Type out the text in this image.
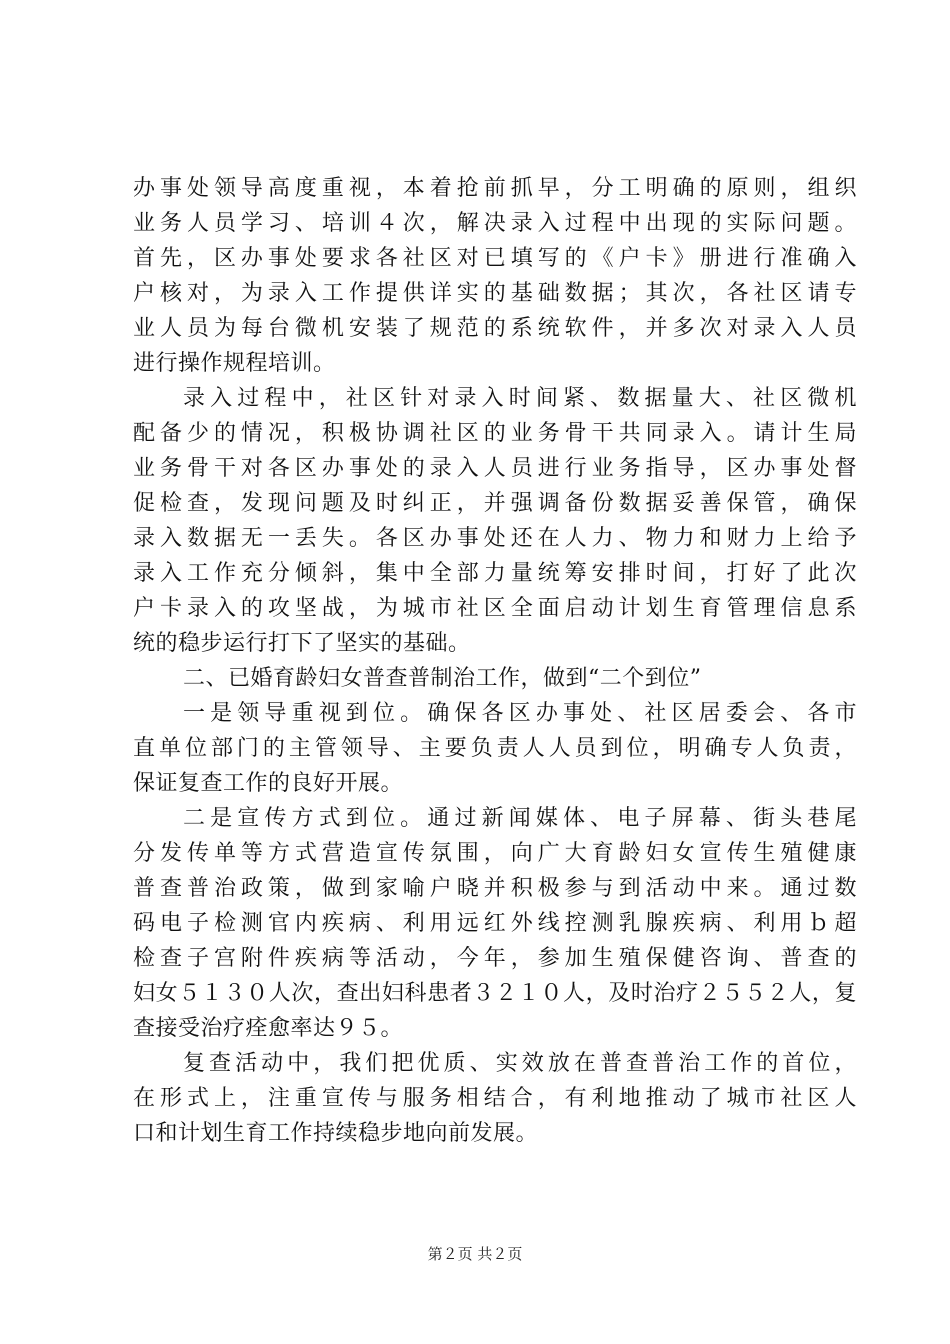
办事处领导高度重视，本着抢前抓早，分工明确的原则，组织
业务人员学习、培训４次，解决录入过程中出现的实际问题。
首先，区办事处要求各社区对已填写的《户卡》册进行准确入
户核对，为录入工作提供详实的基础数据；其次，各社区请专
业人员为每台微机安装了规范的系统软件，并多次对录入人员
进行操作规程培训。
录入过程中，社区针对录入时间紧、数据量大、社区微机
配备少的情况，积极协调社区的业务骨干共同录入。请计生局
业务骨干对各区办事处的录入人员进行业务指导，区办事处督
促检查，发现问题及时纠正，并强调备份数据妥善保管，确保
录入数据无一丢失。各区办事处还在人力、物力和财力上给予
录入工作充分倾斜，集中全部力量统筹安排时间，打好了此次
户卡录入的攻坚战，为城市社区全面启动计划生育管理信息系
统的稳步运行打下了坚实的基础。
二、已婚育龄妇女普查普制治工作，做到“二个到位”
一是领导重视到位。确保各区办事处、社区居委会、各市
直单位部门的主管领导、主要负责人人员到位，明确专人负责，
保证复查工作的良好开展。
二是宣传方式到位。通过新闻媒体、电子屏幕、街头巷尾
分发传单等方式营造宣传氛围，向广大育龄妇女宣传生殖健康
普查普治政策，做到家喻户晓并积极参与到活动中来。通过数
码电子检测官内疾病、利用远红外线控测乳腺疾病、利用ｂ超
检查子宫附件疾病等活动，今年，参加生殖保健咨询、普查的
妇女５１３０人次，查出妇科患者３２１０人，及时治疗２５５２人，复
查接受治疗痊愈率达９５。
复查活动中，我们把优质、实效放在普查普治工作的首位，
在形式上，注重宣传与服务相结合，有利地推动了城市社区人
口和计划生育工作持续稳步地向前发展。
第２页 共２页
